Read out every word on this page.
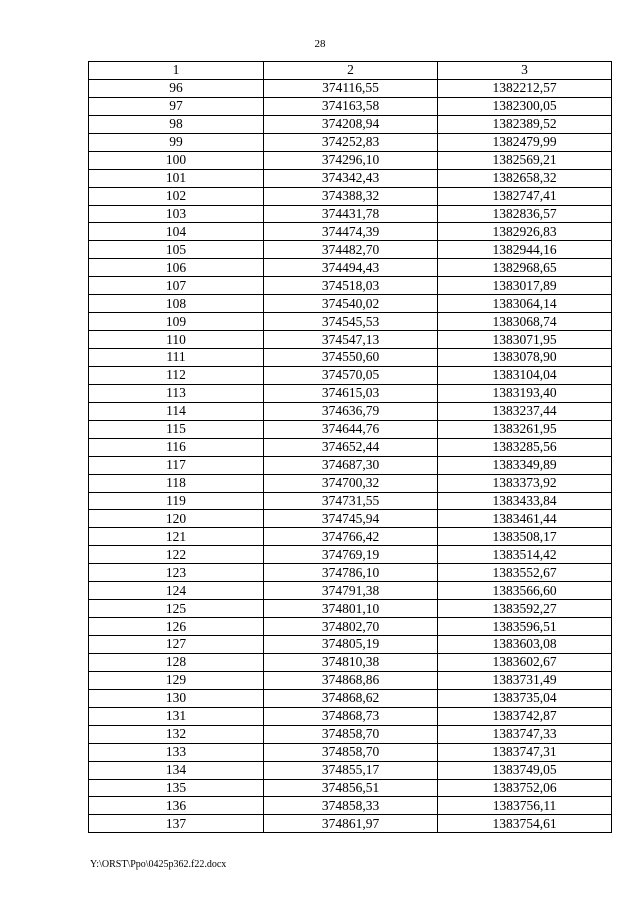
28
1	2	3
96	374116,55	1382212,57
97	374163,58	1382300,05
98	374208,94	1382389,52
99	374252,83	1382479,99
100	374296,10	1382569,21
101	374342,43	1382658,32
102	374388,32	1382747,41
103	374431,78	1382836,57
104	374474,39	1382926,83
105	374482,70	1382944,16
106	374494,43	1382968,65
107	374518,03	1383017,89
108	374540,02	1383064,14
109	374545,53	1383068,74
110	374547,13	1383071,95
111	374550,60	1383078,90
112	374570,05	1383104,04
113	374615,03	1383193,40
114	374636,79	1383237,44
115	374644,76	1383261,95
116	374652,44	1383285,56
117	374687,30	1383349,89
118	374700,32	1383373,92
119	374731,55	1383433,84
120	374745,94	1383461,44
121	374766,42	1383508,17
122	374769,19	1383514,42
123	374786,10	1383552,67
124	374791,38	1383566,60
125	374801,10	1383592,27
126	374802,70	1383596,51
127	374805,19	1383603,08
128	374810,38	1383602,67
129	374868,86	1383731,49
130	374868,62	1383735,04
131	374868,73	1383742,87
132	374858,70	1383747,33
133	374858,70	1383747,31
134	374855,17	1383749,05
135	374856,51	1383752,06
136	374858,33	1383756,11
137	374861,97	1383754,61
Y:\ORST\Ppo\0425p362.f22.docx
